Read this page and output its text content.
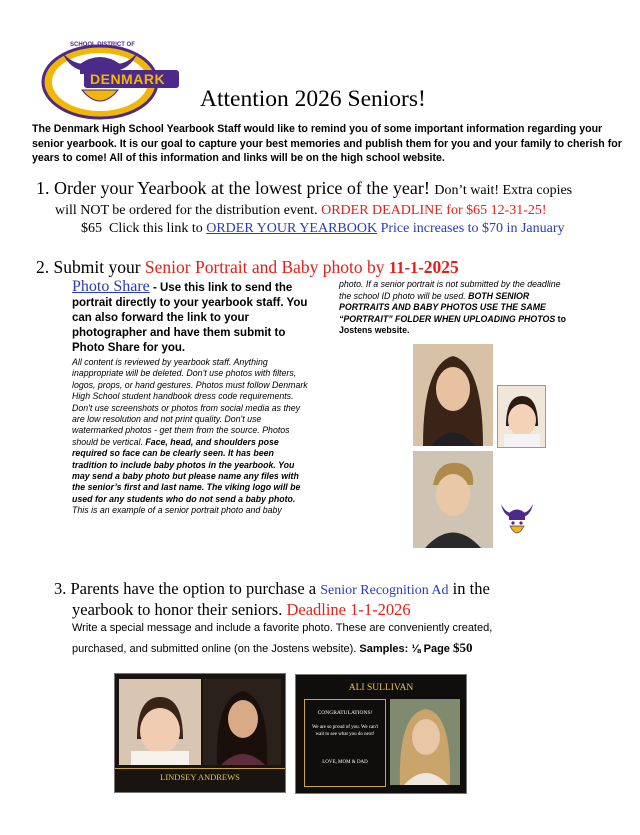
SCHOOL DISTRICT OF
DENMARK
Attention 2026 Seniors!
The Denmark High School Yearbook Staff would like to remind you of some important information regarding your senior yearbook. It is our goal to capture your best memories and publish them for you and your family to cherish for years to come! All of this information and links will be on the high school website.
1. Order your Yearbook at the lowest price of the year! Don’t wait! Extra copies
will NOT be ordered for the distribution event. ORDER DEADLINE for $65 12-31-25!
$65 Click this link to ORDER YOUR YEARBOOK Price increases to $70 in January
2. Submit your Senior Portrait and Baby photo by 11-1-2025
Photo Share - Use this link to send the portrait directly to your yearbook staff. You can also forward the link to your photographer and have them submit to Photo Share for you.
All content is reviewed by yearbook staff. Anything inappropriate will be deleted. Don't use photos with filters, logos, props, or hand gestures. Photos must follow Denmark High School student handbook dress code requirements. Don't use screenshots or photos from social media as they are low resolution and not print quality. Don't use watermarked photos - get them from the source. Photos should be vertical. Face, head, and shoulders pose required so face can be clearly seen. It has been tradition to include baby photos in the yearbook. You may send a baby photo but please name any files with the senior’s first and last name. The viking logo will be used for any students who do not send a baby photo. This is an example of a senior portrait photo and baby
photo. If a senior portrait is not submitted by the deadline the school ID photo will be used. BOTH SENIOR PORTRAITS AND BABY PHOTOS USE THE SAME “PORTRAIT” FOLDER WHEN UPLOADING PHOTOS to Jostens website.
3. Parents have the option to purchase a Senior Recognition Ad in the
yearbook to honor their seniors. Deadline 1-1-2026
Write a special message and include a favorite photo. These are conveniently created,
purchased, and submitted online (on the Jostens website). Samples: ⅛ Page $50
LINDSEY ANDREWS
ALI SULLIVAN
CONGRATULATIONS!
We are so proud of you. We can't wait to see what you do next!
LOVE, MOM & DAD
